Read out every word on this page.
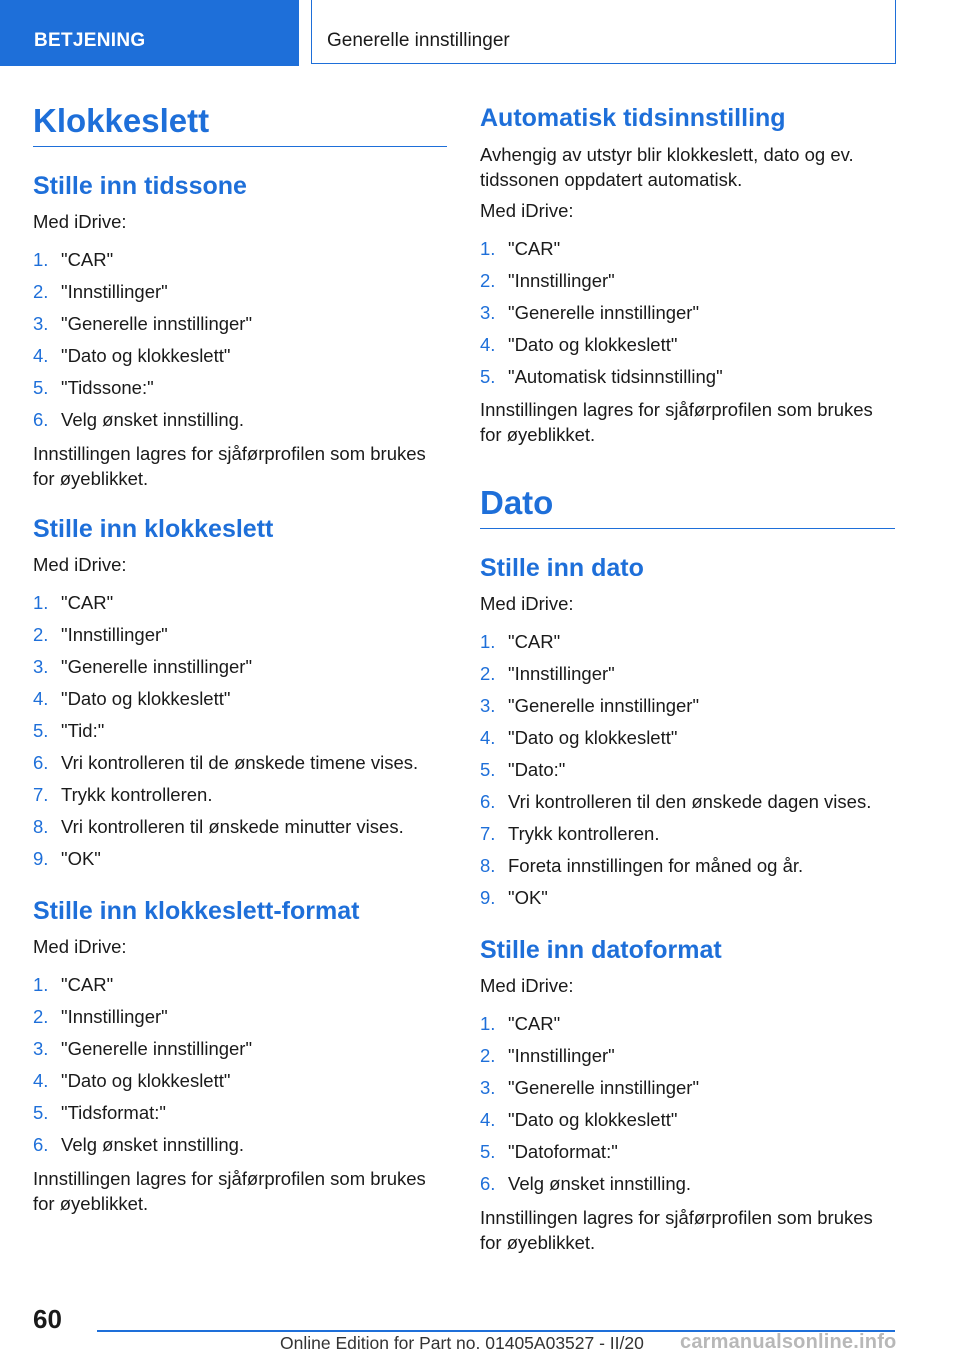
BETJENING	Generelle innstillinger
Klokkeslett
Stille inn tidssone
Med iDrive:
1. "CAR"
2. "Innstillinger"
3. "Generelle innstillinger"
4. "Dato og klokkeslett"
5. "Tidssone:"
6. Velg ønsket innstilling.
Innstillingen lagres for sjåførprofilen som brukes for øyeblikket.
Stille inn klokkeslett
Med iDrive:
1. "CAR"
2. "Innstillinger"
3. "Generelle innstillinger"
4. "Dato og klokkeslett"
5. "Tid:"
6. Vri kontrolleren til de ønskede timene vises.
7. Trykk kontrolleren.
8. Vri kontrolleren til ønskede minutter vises.
9. "OK"
Stille inn klokkeslett-format
Med iDrive:
1. "CAR"
2. "Innstillinger"
3. "Generelle innstillinger"
4. "Dato og klokkeslett"
5. "Tidsformat:"
6. Velg ønsket innstilling.
Innstillingen lagres for sjåførprofilen som brukes for øyeblikket.
Automatisk tidsinnstilling
Avhengig av utstyr blir klokkeslett, dato og ev. tidssonen oppdatert automatisk.
Med iDrive:
1. "CAR"
2. "Innstillinger"
3. "Generelle innstillinger"
4. "Dato og klokkeslett"
5. "Automatisk tidsinnstilling"
Innstillingen lagres for sjåførprofilen som brukes for øyeblikket.
Dato
Stille inn dato
Med iDrive:
1. "CAR"
2. "Innstillinger"
3. "Generelle innstillinger"
4. "Dato og klokkeslett"
5. "Dato:"
6. Vri kontrolleren til den ønskede dagen vises.
7. Trykk kontrolleren.
8. Foreta innstillingen for måned og år.
9. "OK"
Stille inn datoformat
Med iDrive:
1. "CAR"
2. "Innstillinger"
3. "Generelle innstillinger"
4. "Dato og klokkeslett"
5. "Datoformat:"
6. Velg ønsket innstilling.
Innstillingen lagres for sjåførprofilen som brukes for øyeblikket.
60
Online Edition for Part no. 01405A03527 - II/20 carmanualsonline.info
